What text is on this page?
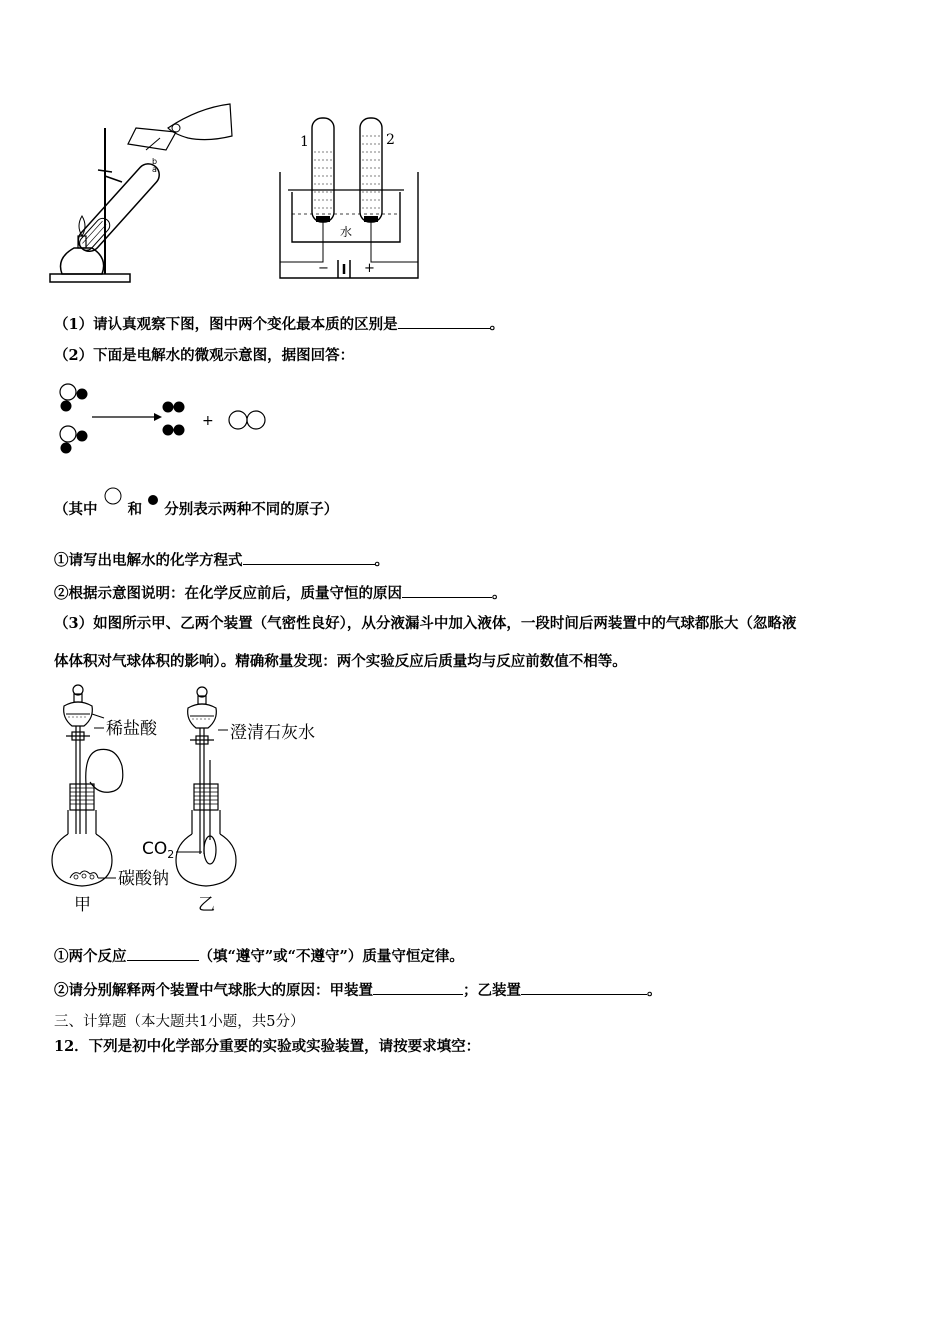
b
a
1	2
水
−	+
（1）请认真观察下图，图中两个变化最本质的区别是	。
（2）下面是电解水的微观示意图，据图回答：
+
（其中 和 分别表示两种不同的原子）
①请写出电解水的化学方程式	。
②根据示意图说明：在化学反应前后，质量守恒的原因	。
（3）如图所示甲、乙两个装置（气密性良好），从分液漏斗中加入液体，一段时间后两装置中的气球都胀大（忽略液
体体积对气球体积的影响）。精确称量发现：两个实验反应后质量均与反应前数值不相等。
稀盐酸
碳酸钠
甲
澄清石灰水
$CO_2$
乙
①两个反应	（填“遵守”或“不遵守”）质量守恒定律。
②请分别解释两个装置中气球胀大的原因：甲装置	；乙装置	。
三、计算题（本大题共1小题，共5分）
12．下列是初中化学部分重要的实验或实验装置，请按要求填空：
